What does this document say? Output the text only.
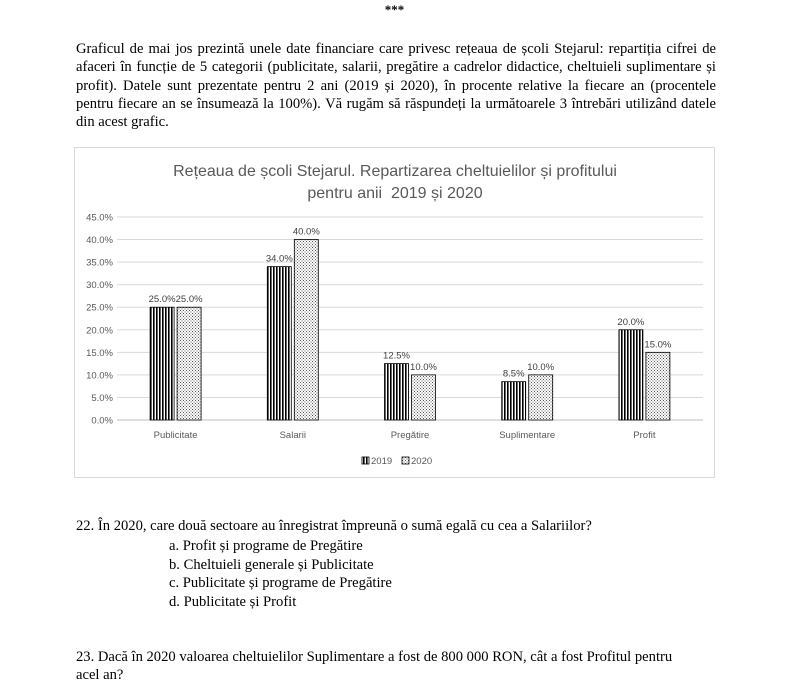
***
Graficul de mai jos prezintă unele date financiare care privesc rețeaua de școli Stejarul: repartiția cifrei de afaceri în funcție de 5 categorii (publicitate, salarii, pregătire a cadrelor didactice, cheltuieli suplimentare și profit). Datele sunt prezentate pentru 2 ani (2019 și 2020), în procente relative la fiecare an (procentele pentru fiecare an se însumează la 100%). Vă rugăm să răspundeți la următoarele 3 întrebări utilizând datele din acest grafic.
Rețeaua de școli Stejarul. Repartizarea cheltuielilor și profitului
pentru anii  2019 și 2020
0.0%
5.0%
10.0%
15.0%
20.0%
25.0%
30.0%
35.0%
40.0%
45.0%
25.0% 25.0%
Publicitate
34.0%
40.0%
Salarii
12.5%
10.0%
Pregătire
8.5%
10.0%
Suplimentare
20.0%
15.0%
Profit
2019 2020
22. În 2020, care două sectoare au înregistrat împreună o sumă egală cu cea a Salariilor?
a. Profit și programe de Pregătire
b. Cheltuieli generale și Publicitate
c. Publicitate și programe de Pregătire
d. Publicitate și Profit
23. Dacă în 2020 valoarea cheltuielilor Suplimentare a fost de 800 000 RON, cât a fost Profitul pentru
acel an?
